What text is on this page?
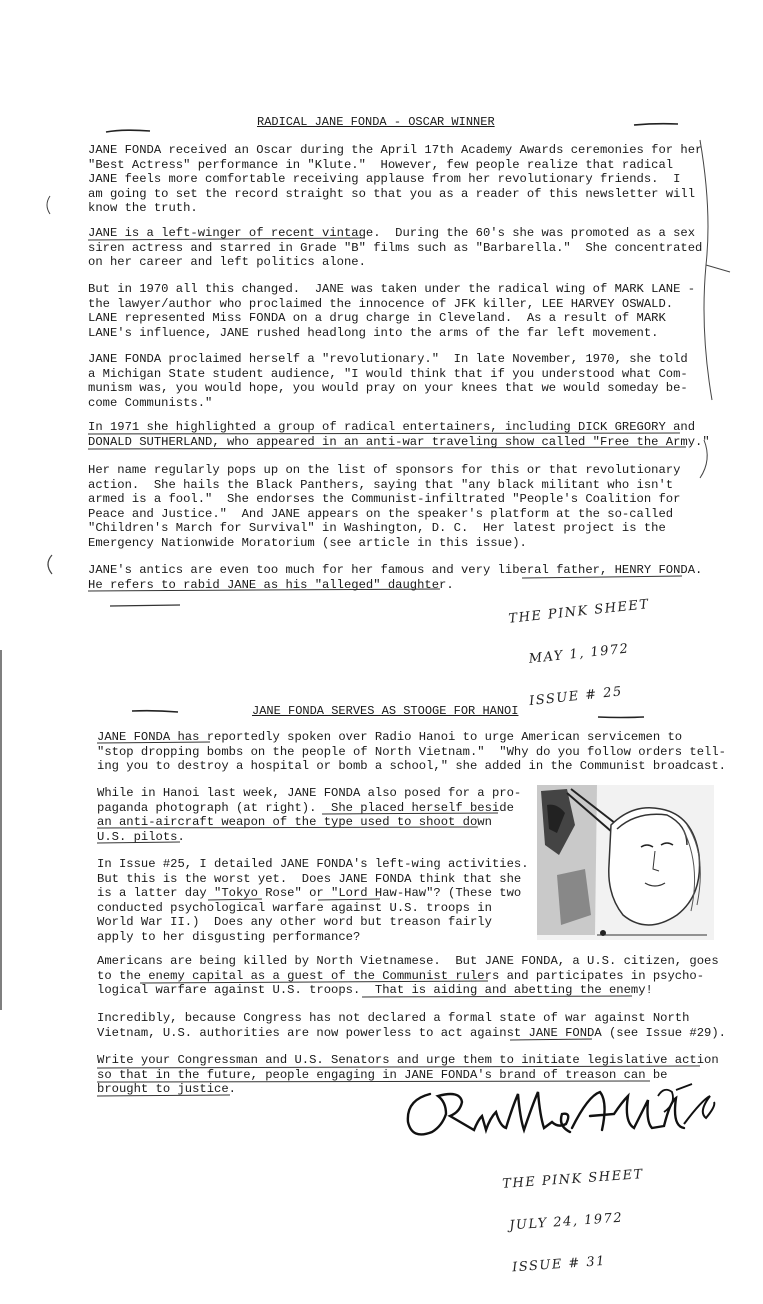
RADICAL JANE FONDA - OSCAR WINNER

JANE FONDA received an Oscar during the April 17th Academy Awards ceremonies for her
"Best Actress" performance in "Klute."  However, few people realize that radical
JANE feels more comfortable receiving applause from her revolutionary friends.  I
am going to set the record straight so that you as a reader of this newsletter will
know the truth.

JANE is a left-winger of recent vintage.  During the 60's she was promoted as a sex
siren actress and starred in Grade "B" films such as "Barbarella."  She concentrated
on her career and left politics alone.

But in 1970 all this changed.  JANE was taken under the radical wing of MARK LANE -
the lawyer/author who proclaimed the innocence of JFK killer, LEE HARVEY OSWALD.
LANE represented Miss FONDA on a drug charge in Cleveland.  As a result of MARK
LANE's influence, JANE rushed headlong into the arms of the far left movement.

JANE FONDA proclaimed herself a "revolutionary."  In late November, 1970, she told
a Michigan State student audience, "I would think that if you understood what Com-
munism was, you would hope, you would pray on your knees that we would someday be-
come Communists."

In 1971 she highlighted a group of radical entertainers, including DICK GREGORY and
DONALD SUTHERLAND, who appeared in an anti-war traveling show called "Free the Army."

Her name regularly pops up on the list of sponsors for this or that revolutionary
action.  She hails the Black Panthers, saying that "any black militant who isn't
armed is a fool."  She endorses the Communist-infiltrated "People's Coalition for
Peace and Justice."  And JANE appears on the speaker's platform at the so-called
"Children's March for Survival" in Washington, D. C.  Her latest project is the
Emergency Nationwide Moratorium (see article in this issue).

JANE's antics are even too much for her famous and very liberal father, HENRY FONDA.
He refers to rabid JANE as his "alleged" daughter.

THE PINK SHEET

MAY 1, 1972

ISSUE # 25

JANE FONDA SERVES AS STOOGE FOR HANOI

JANE FONDA has reportedly spoken over Radio Hanoi to urge American servicemen to
"stop dropping bombs on the people of North Vietnam."  "Why do you follow orders tell-
ing you to destroy a hospital or bomb a school," she added in the Communist broadcast.

While in Hanoi last week, JANE FONDA also posed for a pro-
paganda photograph (at right).  She placed herself beside
an anti-aircraft weapon of the type used to shoot down
U.S. pilots.

In Issue #25, I detailed JANE FONDA's left-wing activities.
But this is the worst yet.  Does JANE FONDA think that she
is a latter day "Tokyo Rose" or "Lord Haw-Haw"? (These two
conducted psychological warfare against U.S. troops in
World War II.)  Does any other word but treason fairly
apply to her disgusting performance?

Americans are being killed by North Vietnamese.  But JANE FONDA, a U.S. citizen, goes
to the enemy capital as a guest of the Communist rulers and participates in psycho-
logical warfare against U.S. troops.  That is aiding and abetting the enemy!

Incredibly, because Congress has not declared a formal state of war against North
Vietnam, U.S. authorities are now powerless to act against JANE FONDA (see Issue #29).

Write your Congressman and U.S. Senators and urge them to initiate legislative action
so that in the future, people engaging in JANE FONDA's brand of treason can be
brought to justice.

THE PINK SHEET

JULY 24, 1972

ISSUE # 31
